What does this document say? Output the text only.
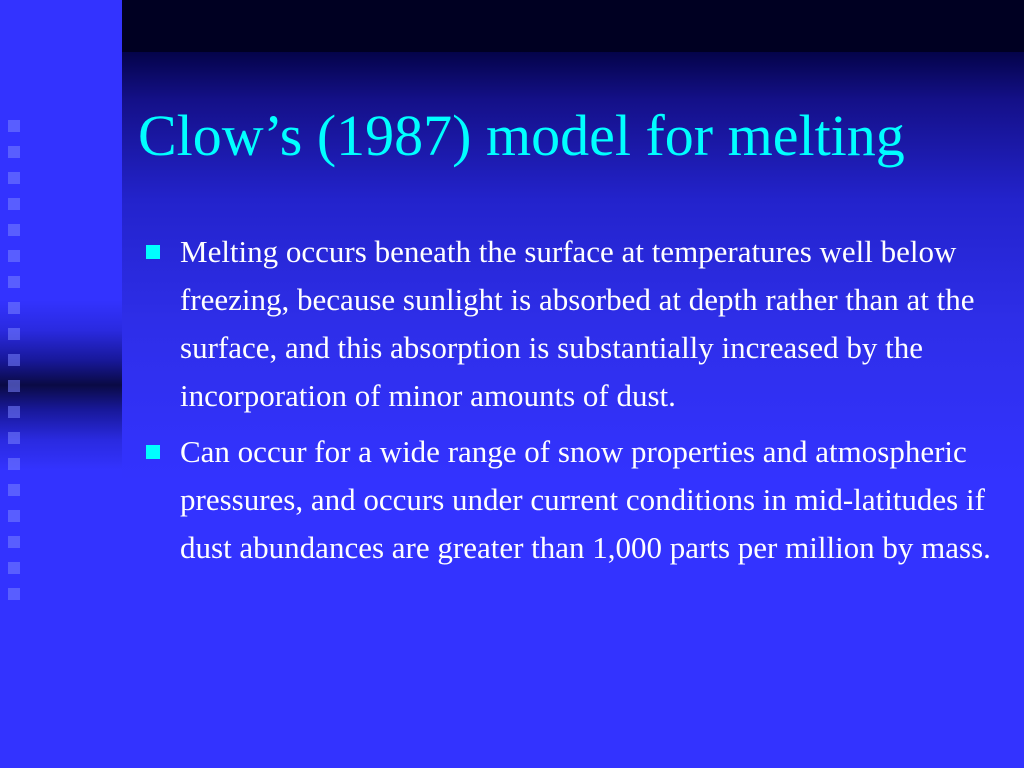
Clow’s (1987) model for melting
Melting occurs beneath the surface at temperatures well below freezing, because sunlight is absorbed at depth rather than at the surface, and this absorption is substantially increased by the incorporation of minor amounts of dust.
Can occur for a wide range of snow properties and atmospheric pressures, and occurs under current conditions in mid-latitudes if dust abundances are greater than 1,000 parts per million by mass.
